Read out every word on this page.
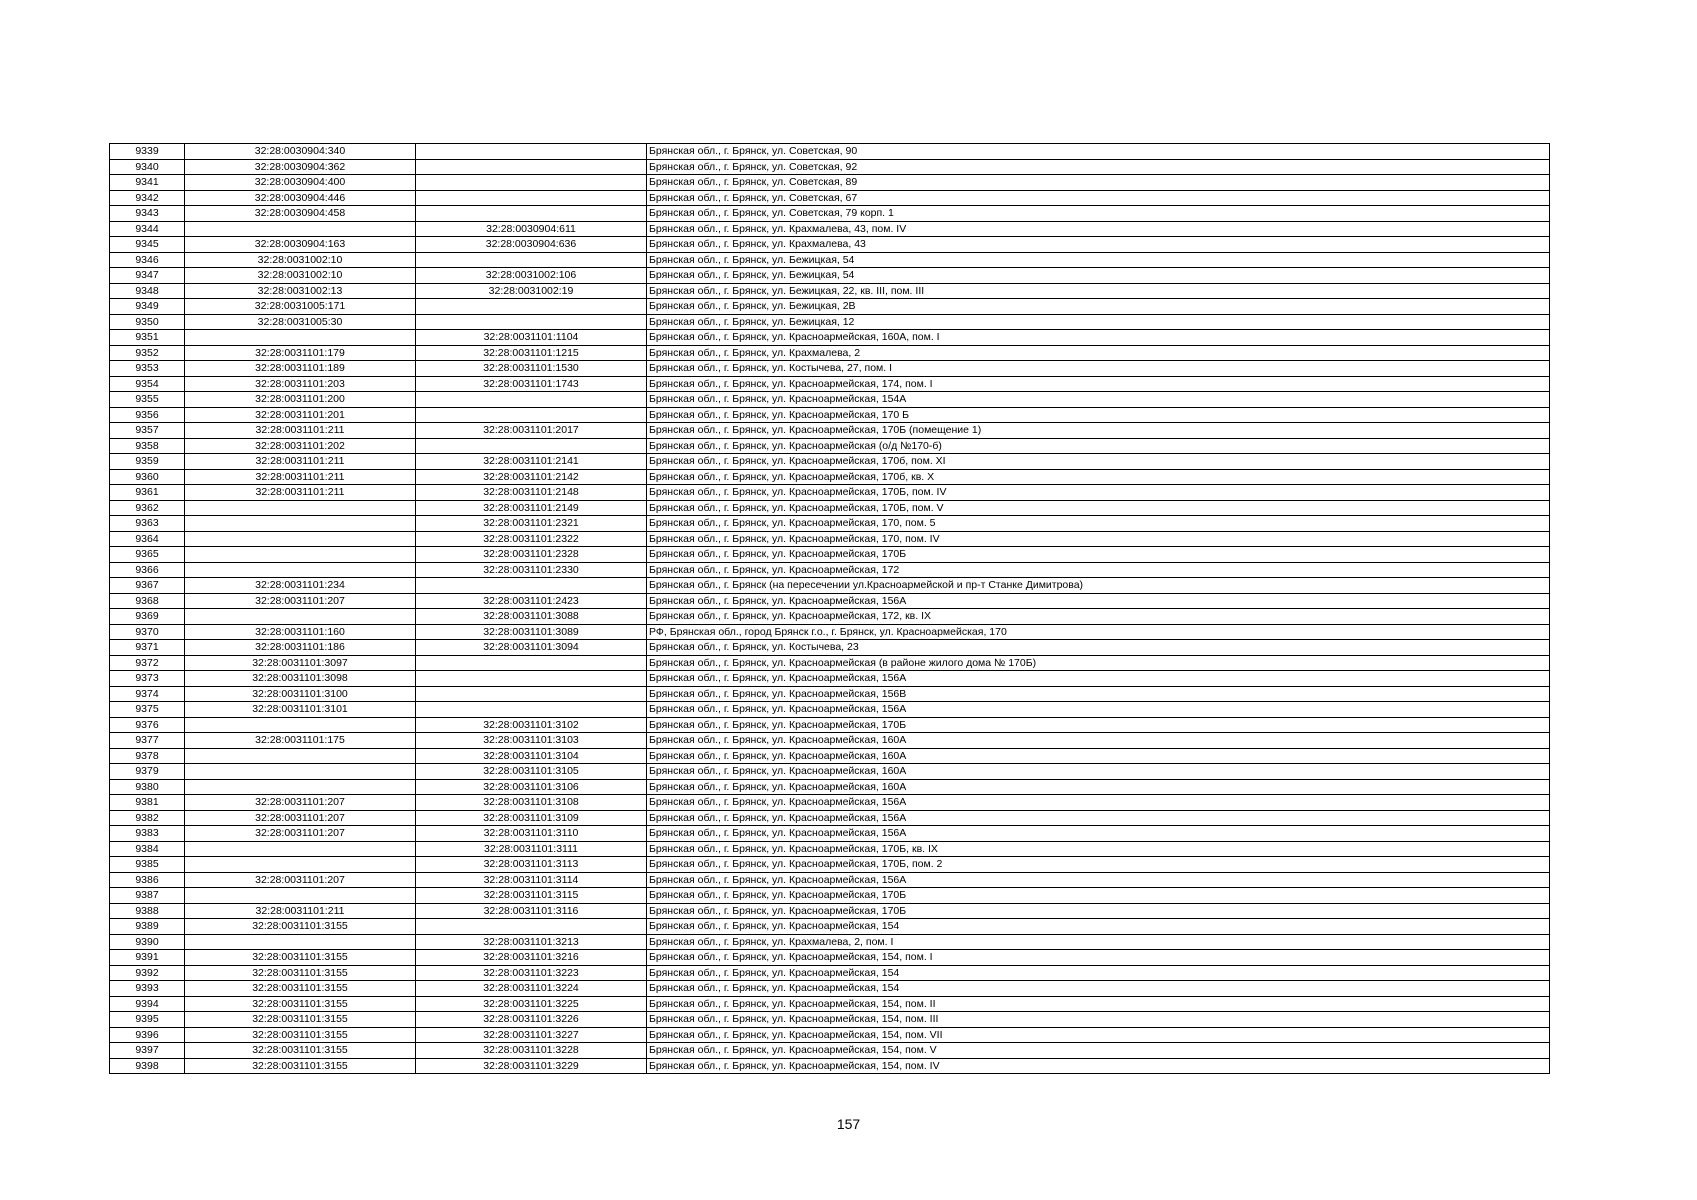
9339	32:28:0030904:340		Брянская обл., г. Брянск, ул. Советская, 90
9340	32:28:0030904:362		Брянская обл., г. Брянск, ул. Советская, 92
9341	32:28:0030904:400		Брянская обл., г. Брянск, ул. Советская, 89
9342	32:28:0030904:446		Брянская обл., г. Брянск, ул. Советская, 67
9343	32:28:0030904:458		Брянская обл., г. Брянск, ул. Советская, 79 корп. 1
9344		32:28:0030904:611	Брянская обл., г. Брянск, ул. Крахмалева, 43, пом. IV
9345	32:28:0030904:163	32:28:0030904:636	Брянская обл., г. Брянск, ул. Крахмалева, 43
9346	32:28:0031002:10		Брянская обл., г. Брянск, ул. Бежицкая, 54
9347	32:28:0031002:10	32:28:0031002:106	Брянская обл., г. Брянск, ул. Бежицкая, 54
9348	32:28:0031002:13	32:28:0031002:19	Брянская обл., г. Брянск, ул. Бежицкая, 22, кв. III, пом. III
9349	32:28:0031005:171		Брянская обл., г. Брянск, ул. Бежицкая, 2В
9350	32:28:0031005:30		Брянская обл., г. Брянск, ул. Бежицкая, 12
9351		32:28:0031101:1104	Брянская обл., г. Брянск, ул. Красноармейская, 160А, пом. I
9352	32:28:0031101:179	32:28:0031101:1215	Брянская обл., г. Брянск, ул. Крахмалева, 2
9353	32:28:0031101:189	32:28:0031101:1530	Брянская обл., г. Брянск, ул. Костычева, 27, пом. I
9354	32:28:0031101:203	32:28:0031101:1743	Брянская обл., г. Брянск, ул. Красноармейская, 174, пом. I
9355	32:28:0031101:200		Брянская обл., г. Брянск, ул. Красноармейская, 154А
9356	32:28:0031101:201		Брянская обл., г. Брянск, ул. Красноармейская, 170 Б
9357	32:28:0031101:211	32:28:0031101:2017	Брянская обл., г. Брянск, ул. Красноармейская, 170Б (помещение 1)
9358	32:28:0031101:202		Брянская обл., г. Брянск, ул. Красноармейская (о/д №170-б)
9359	32:28:0031101:211	32:28:0031101:2141	Брянская обл., г. Брянск, ул. Красноармейская, 170б, пом. XI
9360	32:28:0031101:211	32:28:0031101:2142	Брянская обл., г. Брянск, ул. Красноармейская, 170б, кв. X
9361	32:28:0031101:211	32:28:0031101:2148	Брянская обл., г. Брянск, ул. Красноармейская, 170Б, пом. IV
9362		32:28:0031101:2149	Брянская обл., г. Брянск, ул. Красноармейская, 170Б, пом. V
9363		32:28:0031101:2321	Брянская обл., г. Брянск, ул. Красноармейская, 170, пом. 5
9364		32:28:0031101:2322	Брянская обл., г. Брянск, ул. Красноармейская, 170, пом. IV
9365		32:28:0031101:2328	Брянская обл., г. Брянск, ул. Красноармейская, 170Б
9366		32:28:0031101:2330	Брянская обл., г. Брянск, ул. Красноармейская, 172
9367	32:28:0031101:234		Брянская обл., г. Брянск (на пересечении ул.Красноармейской и пр-т Станке Димитрова)
9368	32:28:0031101:207	32:28:0031101:2423	Брянская обл., г. Брянск, ул. Красноармейская, 156А
9369		32:28:0031101:3088	Брянская обл., г. Брянск, ул. Красноармейская, 172, кв. IX
9370	32:28:0031101:160	32:28:0031101:3089	РФ, Брянская обл., город Брянск г.о., г. Брянск, ул. Красноармейская, 170
9371	32:28:0031101:186	32:28:0031101:3094	Брянская обл., г. Брянск, ул. Костычева, 23
9372	32:28:0031101:3097		Брянская обл., г. Брянск, ул. Красноармейская (в районе жилого дома № 170Б)
9373	32:28:0031101:3098		Брянская обл., г. Брянск, ул. Красноармейская, 156А
9374	32:28:0031101:3100		Брянская обл., г. Брянск, ул. Красноармейская, 156В
9375	32:28:0031101:3101		Брянская обл., г. Брянск, ул. Красноармейская, 156А
9376		32:28:0031101:3102	Брянская обл., г. Брянск, ул. Красноармейская, 170Б
9377	32:28:0031101:175	32:28:0031101:3103	Брянская обл., г. Брянск, ул. Красноармейская, 160А
9378		32:28:0031101:3104	Брянская обл., г. Брянск, ул. Красноармейская, 160А
9379		32:28:0031101:3105	Брянская обл., г. Брянск, ул. Красноармейская, 160А
9380		32:28:0031101:3106	Брянская обл., г. Брянск, ул. Красноармейская, 160А
9381	32:28:0031101:207	32:28:0031101:3108	Брянская обл., г. Брянск, ул. Красноармейская, 156А
9382	32:28:0031101:207	32:28:0031101:3109	Брянская обл., г. Брянск, ул. Красноармейская, 156А
9383	32:28:0031101:207	32:28:0031101:3110	Брянская обл., г. Брянск, ул. Красноармейская, 156А
9384		32:28:0031101:3111	Брянская обл., г. Брянск, ул. Красноармейская, 170Б, кв. IX
9385		32:28:0031101:3113	Брянская обл., г. Брянск, ул. Красноармейская, 170Б, пом. 2
9386	32:28:0031101:207	32:28:0031101:3114	Брянская обл., г. Брянск, ул. Красноармейская, 156А
9387		32:28:0031101:3115	Брянская обл., г. Брянск, ул. Красноармейская, 170Б
9388	32:28:0031101:211	32:28:0031101:3116	Брянская обл., г. Брянск, ул. Красноармейская, 170Б
9389	32:28:0031101:3155		Брянская обл., г. Брянск, ул. Красноармейская, 154
9390		32:28:0031101:3213	Брянская обл., г. Брянск, ул. Крахмалева, 2, пом. I
9391	32:28:0031101:3155	32:28:0031101:3216	Брянская обл., г. Брянск, ул. Красноармейская, 154, пом. I
9392	32:28:0031101:3155	32:28:0031101:3223	Брянская обл., г. Брянск, ул. Красноармейская, 154
9393	32:28:0031101:3155	32:28:0031101:3224	Брянская обл., г. Брянск, ул. Красноармейская, 154
9394	32:28:0031101:3155	32:28:0031101:3225	Брянская обл., г. Брянск, ул. Красноармейская, 154, пом. II
9395	32:28:0031101:3155	32:28:0031101:3226	Брянская обл., г. Брянск, ул. Красноармейская, 154, пом. III
9396	32:28:0031101:3155	32:28:0031101:3227	Брянская обл., г. Брянск, ул. Красноармейская, 154, пом. VII
9397	32:28:0031101:3155	32:28:0031101:3228	Брянская обл., г. Брянск, ул. Красноармейская, 154, пом. V
9398	32:28:0031101:3155	32:28:0031101:3229	Брянская обл., г. Брянск, ул. Красноармейская, 154, пом. IV
157
